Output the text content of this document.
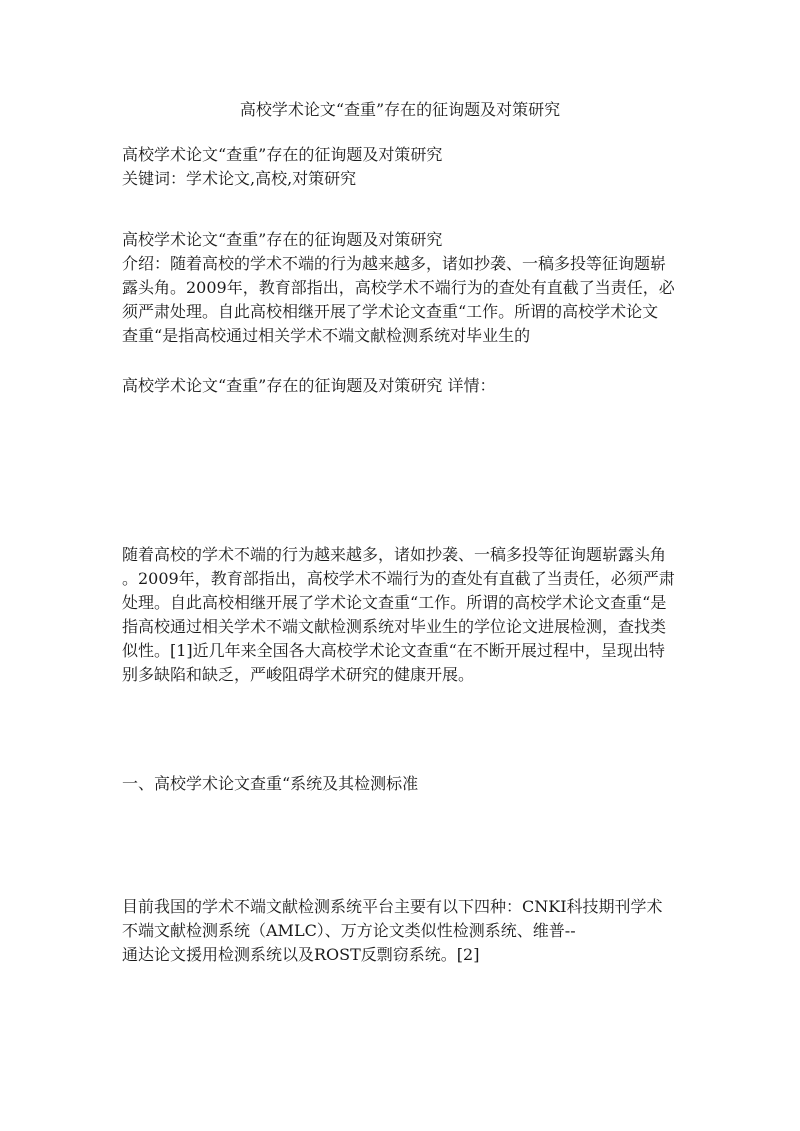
高校学术论文“查重”存在的征询题及对策研究

高校学术论文“查重”存在的征询题及对策研究

关键词：学术论文,高校,对策研究

高校学术论文“查重”存在的征询题及对策研究

介绍：随着高校的学术不端的行为越来越多，诸如抄袭、一稿多投等征询题崭

露头角。2009年，教育部指出，高校学术不端行为的查处有直截了当责任，必

须严肃处理。自此高校相继开展了学术论文查重“工作。所谓的高校学术论文

查重“是指高校通过相关学术不端文献检测系统对毕业生的

高校学术论文“查重”存在的征询题及对策研究 详情：

随着高校的学术不端的行为越来越多，诸如抄袭、一稿多投等征询题崭露头角

。2009年，教育部指出，高校学术不端行为的查处有直截了当责任，必须严肃

处理。自此高校相继开展了学术论文查重“工作。所谓的高校学术论文查重“是

指高校通过相关学术不端文献检测系统对毕业生的学位论文进展检测，查找类

似性。[1]近几年来全国各大高校学术论文查重“在不断开展过程中，呈现出特

别多缺陷和缺乏，严峻阻碍学术研究的健康开展。

一、高校学术论文查重“系统及其检测标准

目前我国的学术不端文献检测系统平台主要有以下四种：CNKI科技期刊学术

不端文献检测系统（AMLC）、万方论文类似性检测系统、维普--

通达论文援用检测系统以及ROST反剽窃系统。[2]
